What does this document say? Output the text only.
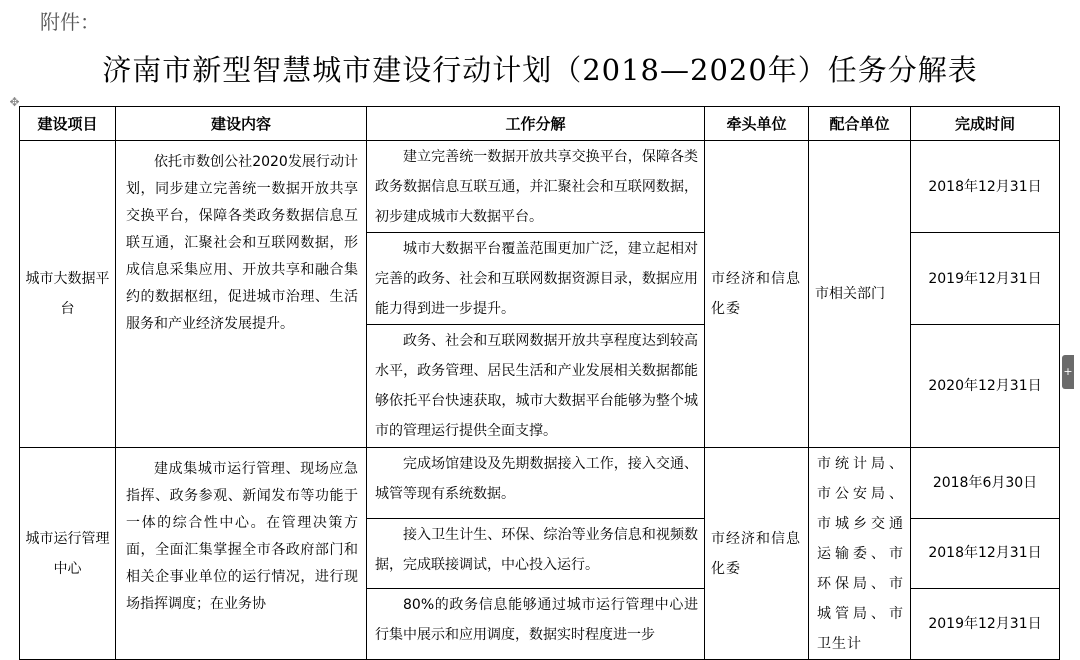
附件：
济南市新型智慧城市建设行动计划（2018—2020年）任务分解表
✥
+
建设项目	建设内容	工作分解	牵头单位	配合单位	完成时间
城市大数据平台	依托市数创公社2020发展行动计划，同步建立完善统一数据开放共享交换平台，保障各类政务数据信息互联互通，汇聚社会和互联网数据，形成信息采集应用、开放共享和融合集约的数据枢纽，促进城市治理、生活服务和产业经济发展提升。	建立完善统一数据开放共享交换平台，保障各类政务数据信息互联互通，并汇聚社会和互联网数据，初步建成城市大数据平台。	市经济和信息化委	市相关部门	2018年12月31日
		城市大数据平台覆盖范围更加广泛，建立起相对完善的政务、社会和互联网数据资源目录，数据应用能力得到进一步提升。			2019年12月31日
		政务、社会和互联网数据开放共享程度达到较高水平，政务管理、居民生活和产业发展相关数据都能够依托平台快速获取，城市大数据平台能够为整个城市的管理运行提供全面支撑。			2020年12月31日
城市运行管理中心	建成集城市运行管理、现场应急指挥、政务参观、新闻发布等功能于一体的综合性中心。在管理决策方面，全面汇集掌握全市各政府部门和相关企事业单位的运行情况，进行现场指挥调度；在业务协	完成场馆建设及先期数据接入工作，接入交通、城管等现有系统数据。	市经济和信息化委	市统计局、市公安局、市城乡交通运输委、市环保局、市城管局、市卫生计	2018年6月30日
		接入卫生计生、环保、综治等业务信息和视频数据，完成联接调试，中心投入运行。			2018年12月31日
		80%的政务信息能够通过城市运行管理中心进行集中展示和应用调度，数据实时程度进一步			2019年12月31日
